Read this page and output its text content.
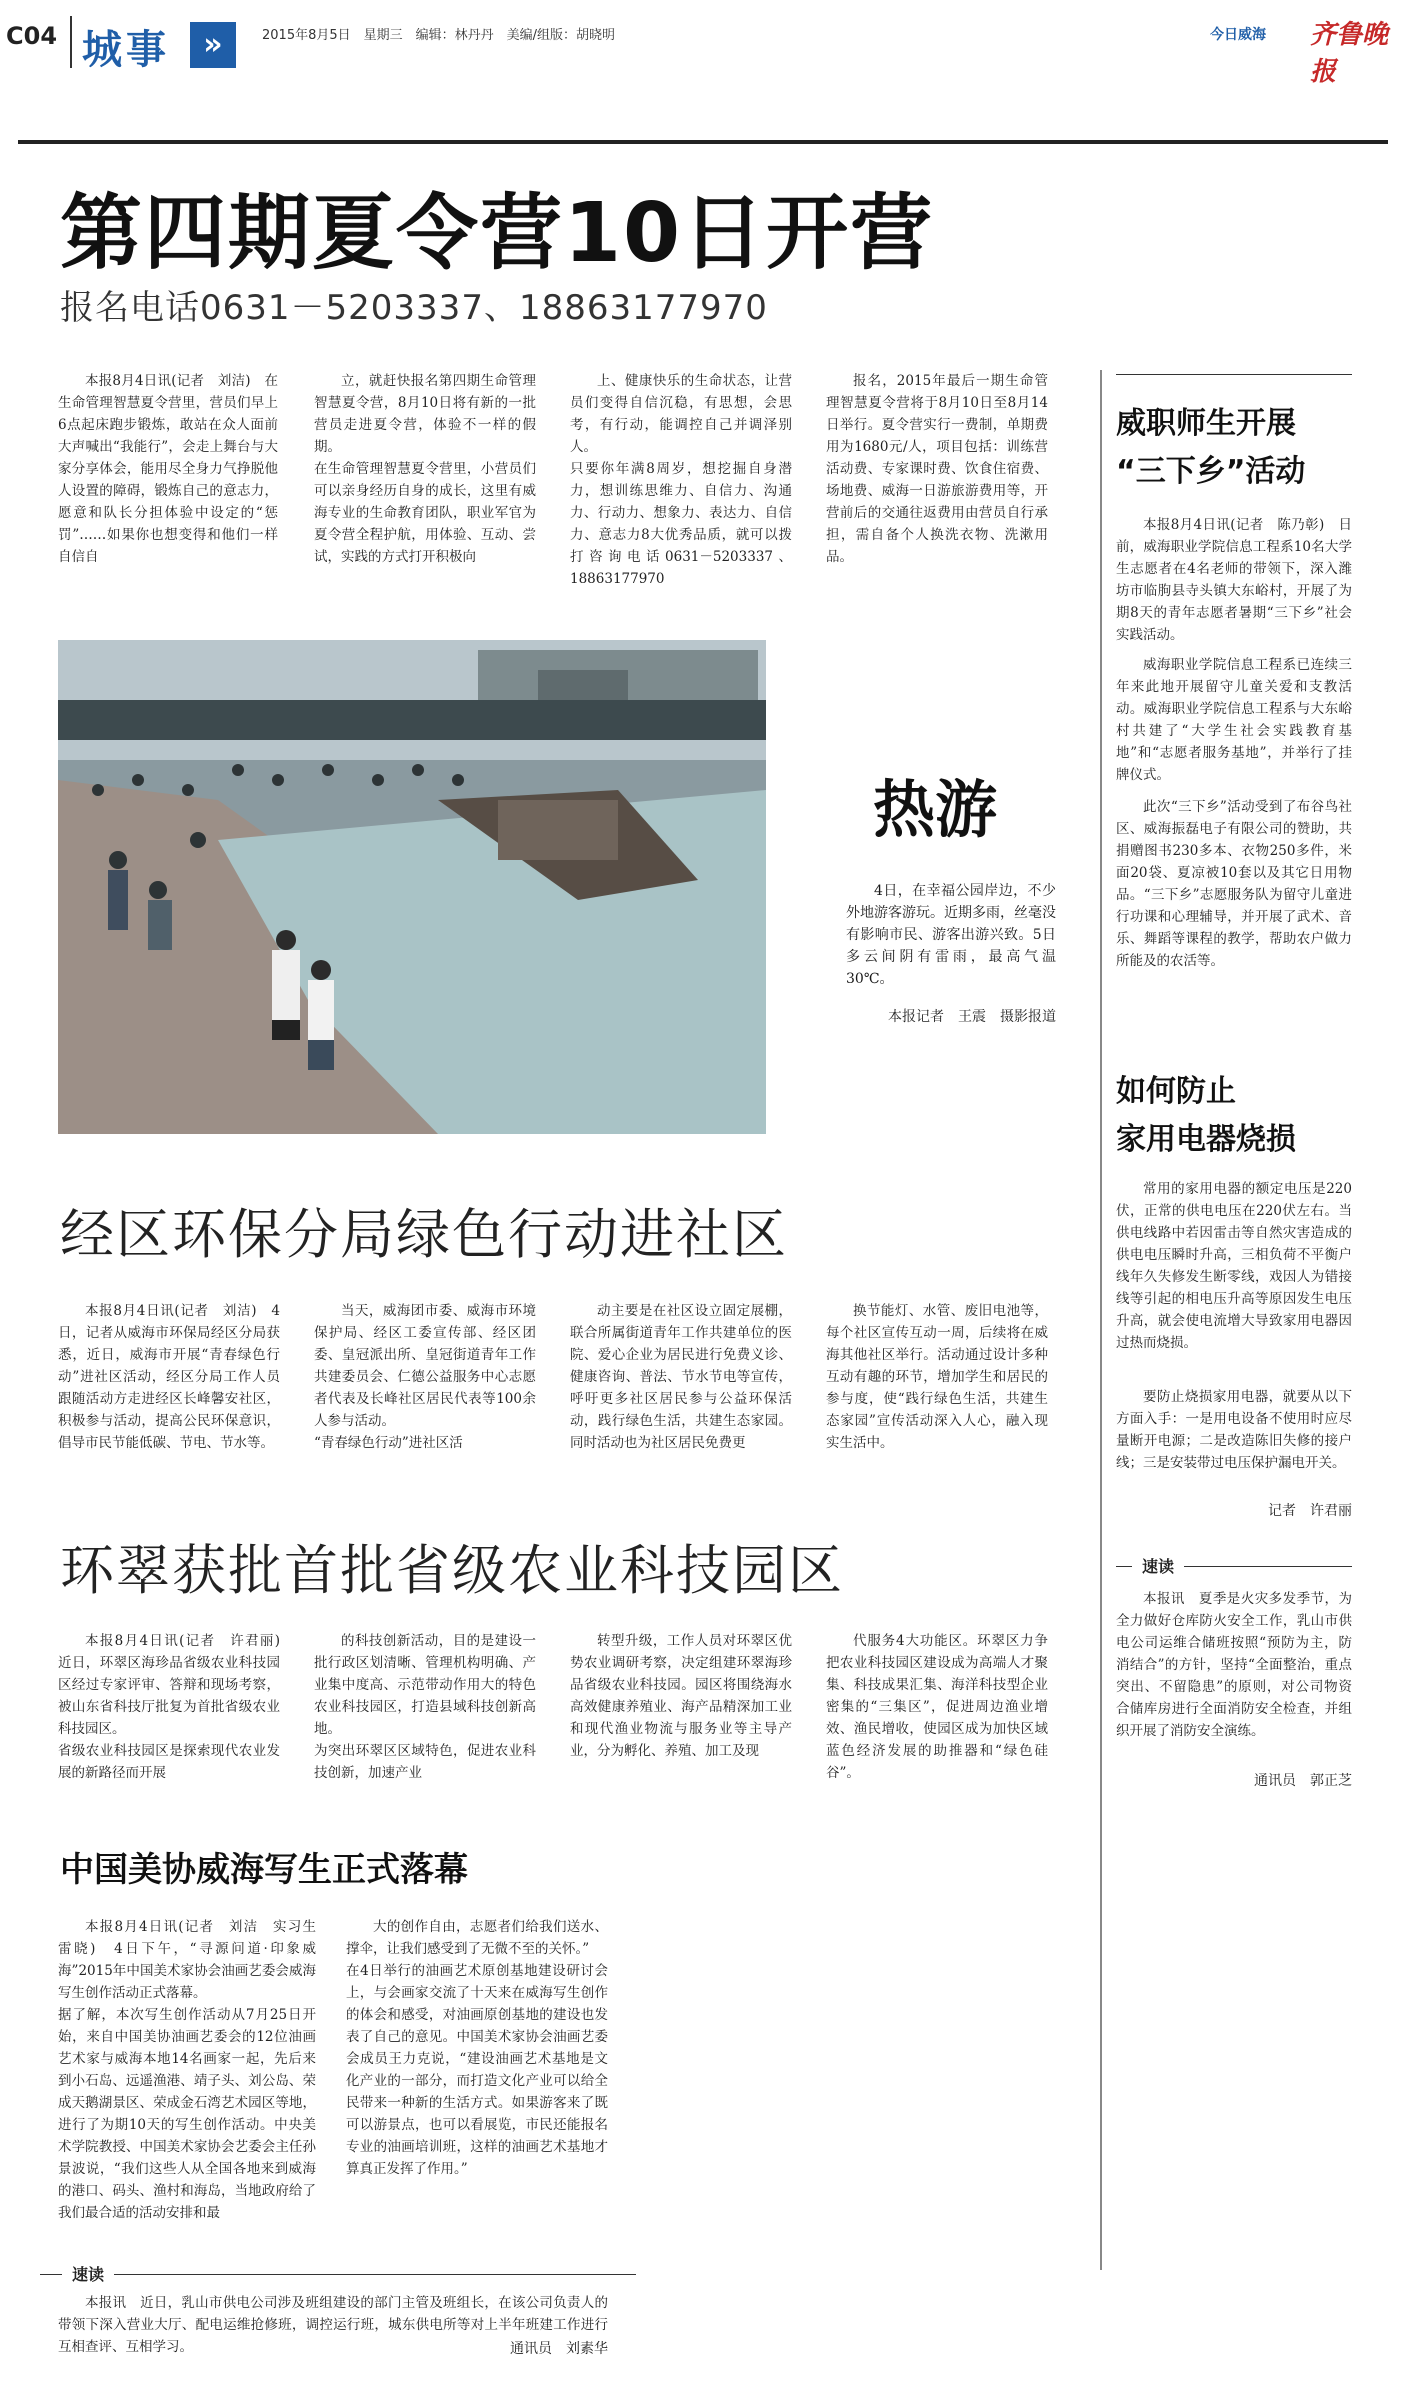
C04 城事	»	2015年8月5日　星期三　编辑：林丹丹　美编/组版：胡晓明	今日威海 齐鲁晚报
第四期夏令营10日开营
报名电话0631－5203337、18863177970

本报8月4日讯(记者　刘洁)　在生命管理智慧夏令营里，营员们早上6点起床跑步锻炼，敢站在众人面前大声喊出“我能行”，会走上舞台与大家分享体会，能用尽全身力气挣脱他人设置的障碍，锻炼自己的意志力，愿意和队长分担体验中设定的“惩罚”……如果你也想变得和他们一样自信自

立，就赶快报名第四期生命管理智慧夏令营，8月10日将有新的一批营员走进夏令营，体验不一样的假期。
在生命管理智慧夏令营里，小营员们可以亲身经历自身的成长，这里有威海专业的生命教育团队，职业军官为夏令营全程护航，用体验、互动、尝试，实践的方式打开积极向

上、健康快乐的生命状态，让营员们变得自信沉稳，有思想，会思考，有行动，能调控自己并调泽别人。
只要你年满8周岁，想挖掘自身潜力，想训练思维力、自信力、沟通力、行动力、想象力、表达力、自信力、意志力8大优秀品质，就可以拨打咨询电话0631－5203337、18863177970

报名，2015年最后一期生命管理智慧夏令营将于8月10日至8月14日举行。夏令营实行一费制，单期费用为1680元/人，项目包括：训练营活动费、专家课时费、饮食住宿费、场地费、威海一日游旅游费用等，开营前后的交通往返费用由营员自行承担，需自备个人换洗衣物、洗漱用品。

热游

4日，在幸福公园岸边，不少外地游客游玩。近期多雨，丝毫没有影响市民、游客出游兴致。5日多云间阴有雷雨，最高气温30℃。

本报记者　王震　摄影报道
经区环保分局绿色行动进社区

本报8月4日讯(记者　刘洁)　4日，记者从威海市环保局经区分局获悉，近日，威海市开展“青春绿色行动”进社区活动，经区分局工作人员跟随活动方走进经区长峰馨安社区，积极参与活动，提高公民环保意识，倡导市民节能低碳、节电、节水等。

当天，威海团市委、威海市环境保护局、经区工委宣传部、经区团委、皇冠派出所、皇冠街道青年工作共建委员会、仁德公益服务中心志愿者代表及长峰社区居民代表等100余人参与活动。
“青春绿色行动”进社区活

动主要是在社区设立固定展棚，联合所属街道青年工作共建单位的医院、爱心企业为居民进行免费义诊、健康咨询、普法、节水节电等宣传，呼吁更多社区居民参与公益环保活动，践行绿色生活，共建生态家园。同时活动也为社区居民免费更

换节能灯、水管、废旧电池等，每个社区宣传互动一周，后续将在威海其他社区举行。活动通过设计多种互动有趣的环节，增加学生和居民的参与度，使“践行绿色生活，共建生态家园”宣传活动深入人心，融入现实生活中。

环翠获批首批省级农业科技园区

本报8月4日讯(记者　许君丽)　近日，环翠区海珍品省级农业科技园区经过专家评审、答辩和现场考察，被山东省科技厅批复为首批省级农业科技园区。
省级农业科技园区是探索现代农业发展的新路径而开展

的科技创新活动，目的是建设一批行政区划清晰、管理机构明确、产业集中度高、示范带动作用大的特色农业科技园区，打造县域科技创新高地。
为突出环翠区区域特色，促进农业科技创新，加速产业

转型升级，工作人员对环翠区优势农业调研考察，决定组建环翠海珍品省级农业科技园。园区将围绕海水高效健康养殖业、海产品精深加工业和现代渔业物流与服务业等主导产业，分为孵化、养殖、加工及现

代服务4大功能区。环翠区力争把农业科技园区建设成为高端人才聚集、科技成果汇集、海洋科技型企业密集的“三集区”，促进周边渔业增效、渔民增收，使园区成为加快区域蓝色经济发展的助推器和“绿色硅谷”。

中国美协威海写生正式落幕

本报8月4日讯(记者　刘洁　实习生　雷晓)　4日下午，“寻源问道·印象威海”2015年中国美术家协会油画艺委会威海写生创作活动正式落幕。
据了解，本次写生创作活动从7月25日开始，来自中国美协油画艺委会的12位油画艺术家与威海本地14名画家一起，先后来到小石岛、远遥渔港、靖子头、刘公岛、荣成天鹅湖景区、荣成金石湾艺术园区等地，进行了为期10天的写生创作活动。中央美术学院教授、中国美术家协会艺委会主任孙景波说，“我们这些人从全国各地来到威海的港口、码头、渔村和海岛，当地政府给了我们最合适的活动安排和最

大的创作自由，志愿者们给我们送水、撑伞，让我们感受到了无微不至的关怀。”
在4日举行的油画艺术原创基地建设研讨会上，与会画家交流了十天来在威海写生创作的体会和感受，对油画原创基地的建设也发表了自己的意见。中国美术家协会油画艺委会成员王力克说，“建设油画艺术基地是文化产业的一部分，而打造文化产业可以给全民带来一种新的生活方式。如果游客来了既可以游景点，也可以看展览，市民还能报名专业的油画培训班，这样的油画艺术基地才算真正发挥了作用。”

速读

本报讯　近日，乳山市供电公司涉及班组建设的部门主管及班组长，在该公司负责人的带领下深入营业大厅、配电运维抢修班，调控运行班，城东供电所等对上半年班建工作进行互相查评、互相学习。	通讯员　刘素华
威职师生开展
“三下乡”活动

本报8月4日讯(记者　陈乃彰)　日前，威海职业学院信息工程系10名大学生志愿者在4名老师的带领下，深入潍坊市临朐县寺头镇大东峪村，开展了为期8天的青年志愿者暑期“三下乡”社会实践活动。

威海职业学院信息工程系已连续三年来此地开展留守儿童关爱和支教活动。威海职业学院信息工程系与大东峪村共建了“大学生社会实践教育基地”和“志愿者服务基地”，并举行了挂牌仪式。

此次“三下乡”活动受到了布谷鸟社区、威海振磊电子有限公司的赞助，共捐赠图书230多本、衣物250多件，米面20袋、夏凉被10套以及其它日用物品。“三下乡”志愿服务队为留守儿童进行功课和心理辅导，并开展了武术、音乐、舞蹈等课程的教学，帮助农户做力所能及的农活等。

如何防止
家用电器烧损

常用的家用电器的额定电压是220伏，正常的供电电压在220伏左右。当供电线路中若因雷击等自然灾害造成的供电电压瞬时升高，三相负荷不平衡户线年久失修发生断零线，戏因人为错接线等引起的相电压升高等原因发生电压升高，就会使电流增大导致家用电器因过热而烧损。

要防止烧损家用电器，就要从以下方面入手：一是用电设备不使用时应尽量断开电源；二是改造陈旧失修的接户线；三是安装带过电压保护漏电开关。

记者　许君丽
速读

本报讯　夏季是火灾多发季节，为全力做好仓库防火安全工作，乳山市供电公司运维合储班按照“预防为主，防消结合”的方针，坚持“全面整治，重点突出、不留隐患”的原则，对公司物资合储库房进行全面消防安全检查，并组织开展了消防安全演练。

通讯员　郭正芝
